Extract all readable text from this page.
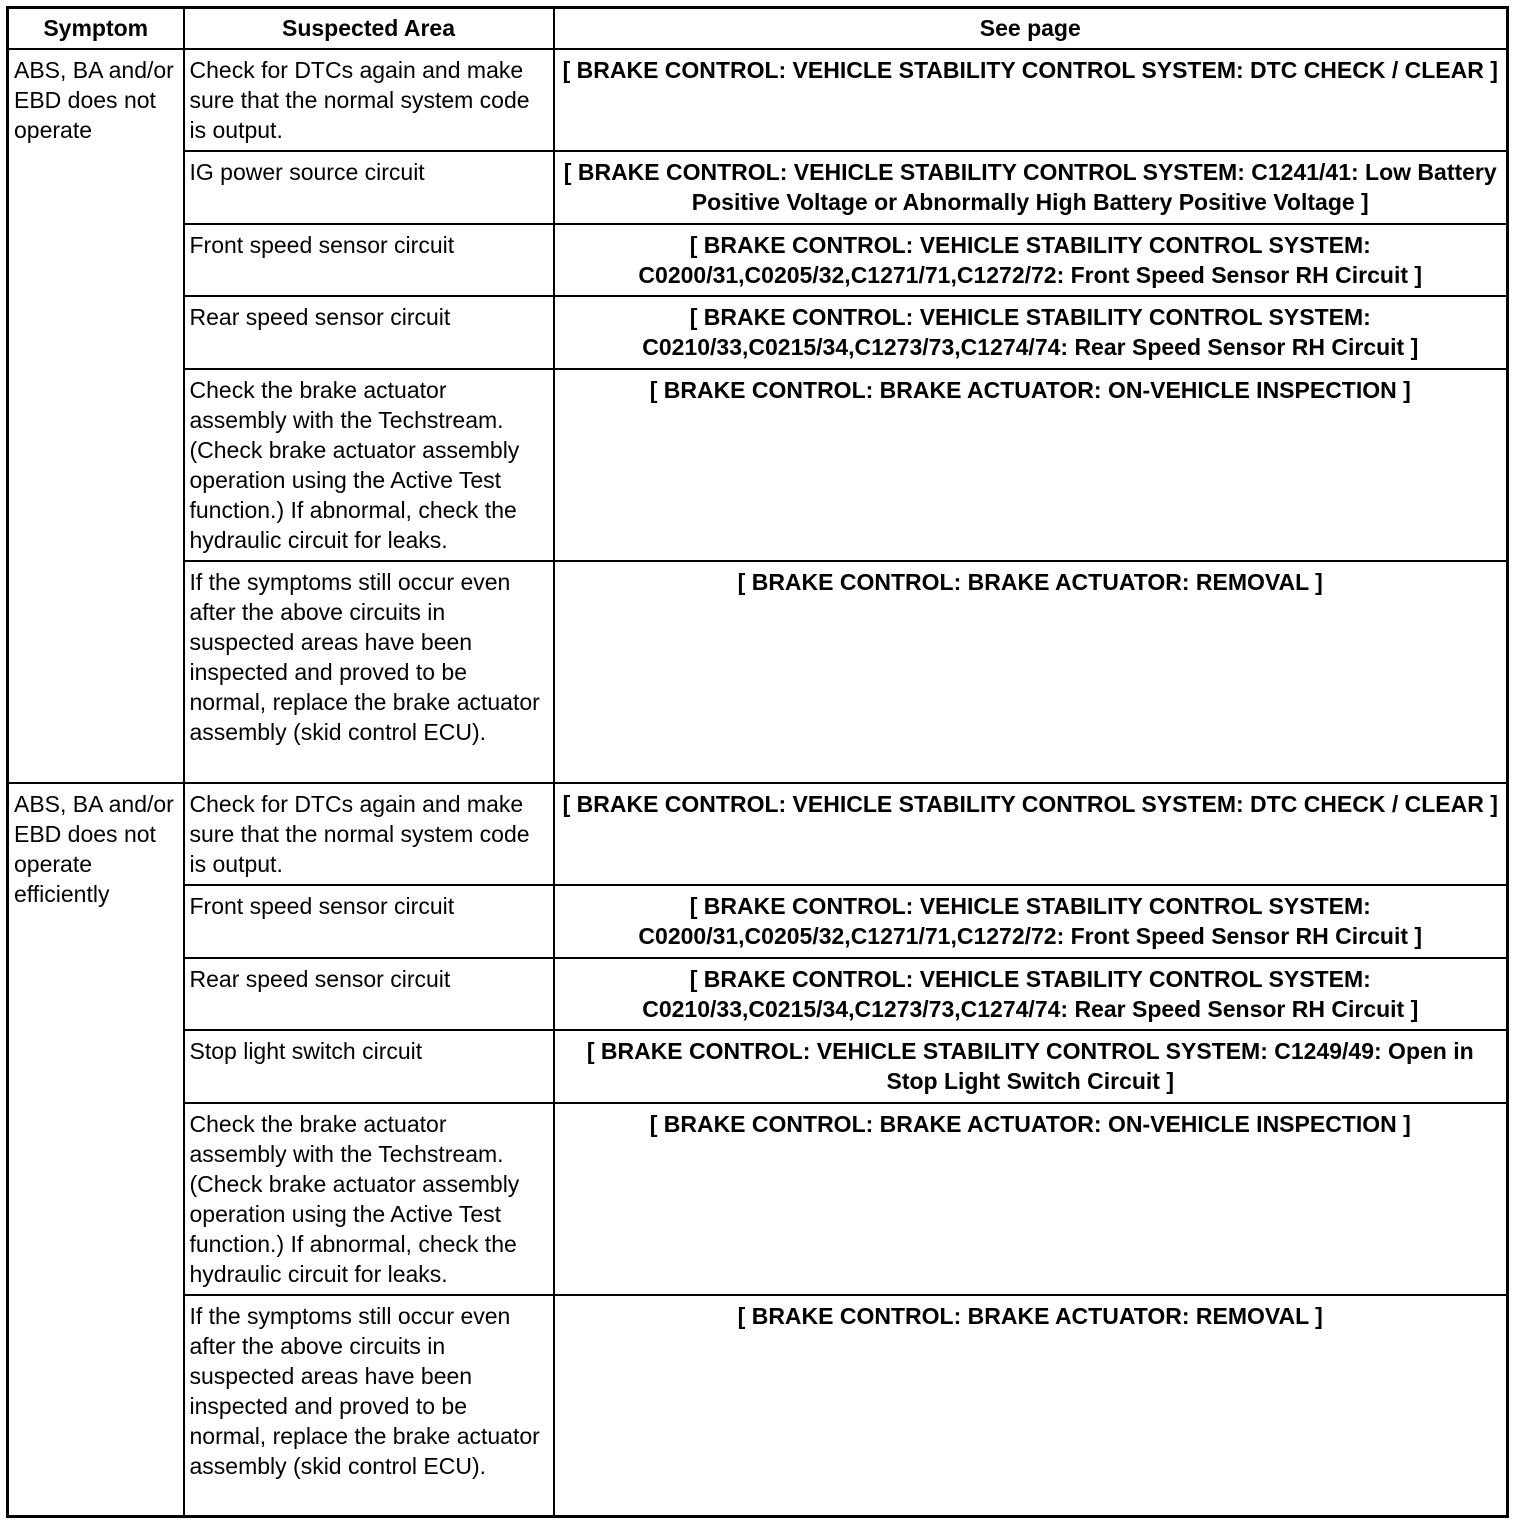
Symptom	Suspected Area	See page
ABS, BA and/or EBD does not operate	Check for DTCs again and make sure that the normal system code is output.	[ BRAKE CONTROL: VEHICLE STABILITY CONTROL SYSTEM: DTC CHECK / CLEAR ]
	IG power source circuit	[ BRAKE CONTROL: VEHICLE STABILITY CONTROL SYSTEM: C1241/41: Low Battery Positive Voltage or Abnormally High Battery Positive Voltage ]
	Front speed sensor circuit	[ BRAKE CONTROL: VEHICLE STABILITY CONTROL SYSTEM: C0200/31,C0205/32,C1271/71,C1272/72: Front Speed Sensor RH Circuit ]
	Rear speed sensor circuit	[ BRAKE CONTROL: VEHICLE STABILITY CONTROL SYSTEM: C0210/33,C0215/34,C1273/73,C1274/74: Rear Speed Sensor RH Circuit ]
	Check the brake actuator assembly with the Techstream. (Check brake actuator assembly operation using the Active Test function.) If abnormal, check the hydraulic circuit for leaks.	[ BRAKE CONTROL: BRAKE ACTUATOR: ON-VEHICLE INSPECTION ]
	If the symptoms still occur even after the above circuits in suspected areas have been inspected and proved to be normal, replace the brake actuator assembly (skid control ECU).	[ BRAKE CONTROL: BRAKE ACTUATOR: REMOVAL ]
ABS, BA and/or EBD does not operate efficiently	Check for DTCs again and make sure that the normal system code is output.	[ BRAKE CONTROL: VEHICLE STABILITY CONTROL SYSTEM: DTC CHECK / CLEAR ]
	Front speed sensor circuit	[ BRAKE CONTROL: VEHICLE STABILITY CONTROL SYSTEM: C0200/31,C0205/32,C1271/71,C1272/72: Front Speed Sensor RH Circuit ]
	Rear speed sensor circuit	[ BRAKE CONTROL: VEHICLE STABILITY CONTROL SYSTEM: C0210/33,C0215/34,C1273/73,C1274/74: Rear Speed Sensor RH Circuit ]
	Stop light switch circuit	[ BRAKE CONTROL: VEHICLE STABILITY CONTROL SYSTEM: C1249/49: Open in Stop Light Switch Circuit ]
	Check the brake actuator assembly with the Techstream. (Check brake actuator assembly operation using the Active Test function.) If abnormal, check the hydraulic circuit for leaks.	[ BRAKE CONTROL: BRAKE ACTUATOR: ON-VEHICLE INSPECTION ]
	If the symptoms still occur even after the above circuits in suspected areas have been inspected and proved to be normal, replace the brake actuator assembly (skid control ECU).	[ BRAKE CONTROL: BRAKE ACTUATOR: REMOVAL ]
